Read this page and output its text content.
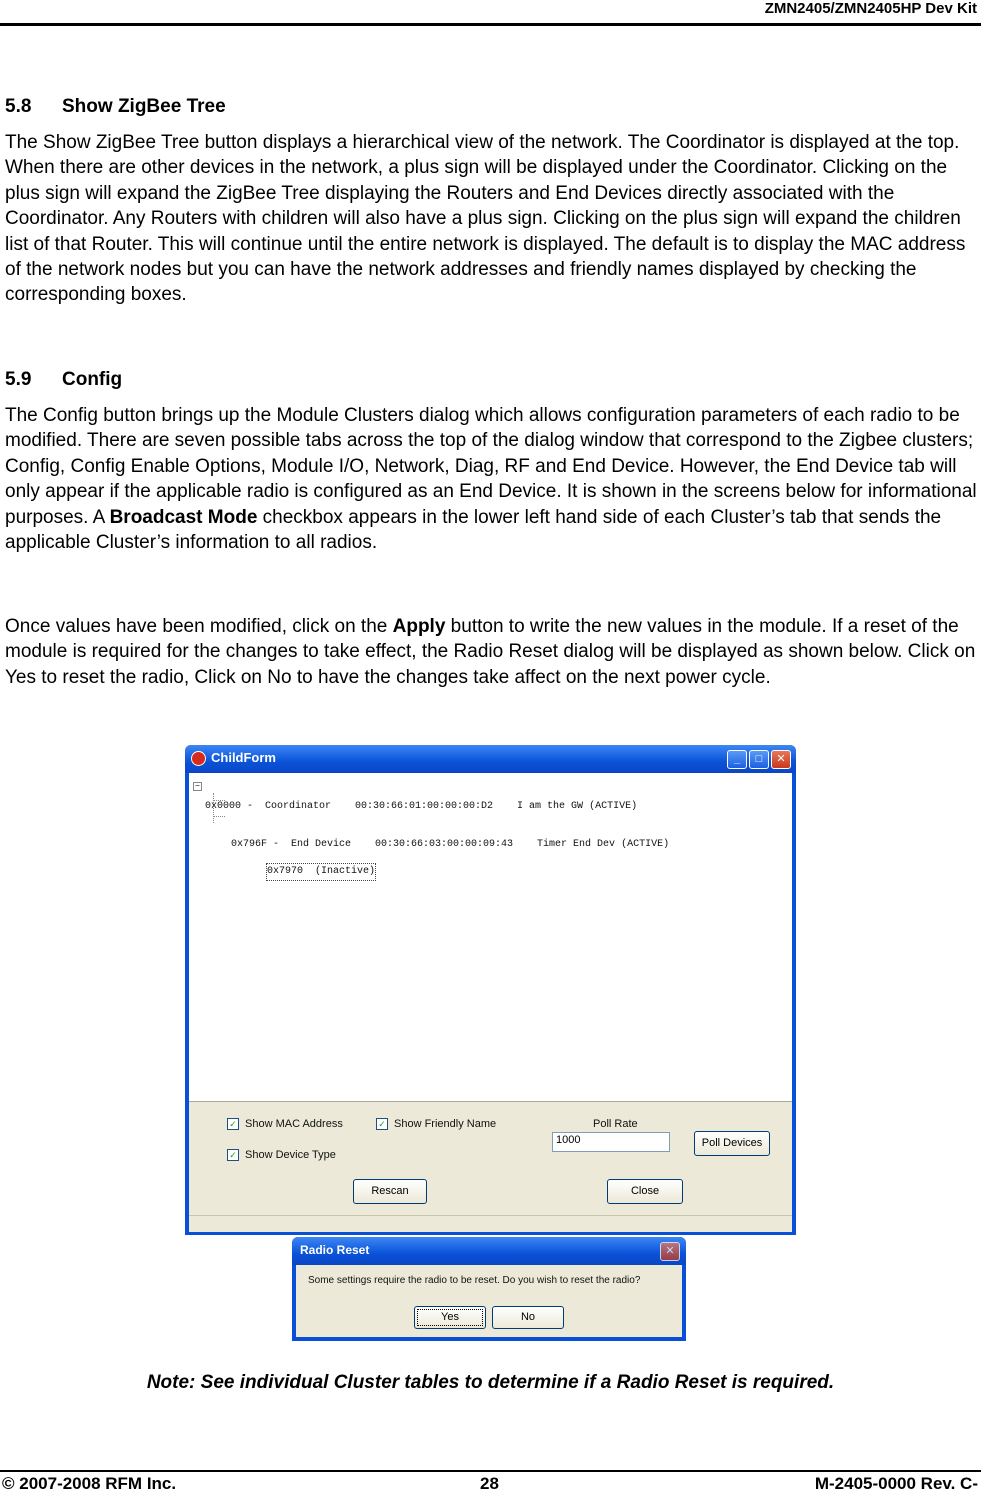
ZMN2405/ZMN2405HP Dev Kit
5.8 Show ZigBee Tree
The Show ZigBee Tree button displays a hierarchical view of the network. The Coordinator is displayed at the top. When there are other devices in the network, a plus sign will be displayed under the Coordinator. Clicking on the plus sign will expand the ZigBee Tree displaying the Routers and End Devices directly associated with the Coordinator. Any Routers with children will also have a plus sign. Clicking on the plus sign will expand the children list of that Router. This will continue until the entire network is displayed. The default is to display the MAC address of the network nodes but you can have the network addresses and friendly names displayed by checking the corresponding boxes.
5.9 Config
The Config button brings up the Module Clusters dialog which allows configuration parameters of each radio to be modified. There are seven possible tabs across the top of the dialog window that correspond to the Zigbee clusters; Config, Config Enable Options, Module I/O, Network, Diag, RF and End Device. However, the End Device tab will only appear if the applicable radio is configured as an End Device. It is shown in the screens below for informational purposes. A Broadcast Mode checkbox appears in the lower left hand side of each Cluster’s tab that sends the applicable Cluster’s information to all radios.
Once values have been modified, click on the Apply button to write the new values in the module. If a reset of the module is required for the changes to take effect, the Radio Reset dialog will be displayed as shown below. Click on Yes to reset the radio, Click on No to have the changes take affect on the next power cycle.
ChildForm	_	□	✕
−

0x0000 -  Coordinator    00:30:66:01:00:00:00:D2    I am the GW (ACTIVE)

0x796F -  End Device    00:30:66:03:00:00:09:43    Timer End Dev (ACTIVE)

0x7970  (Inactive)

✓ Show MAC Address	✓ Show Friendly Name
✓ Show Device Type
Poll Rate
1000	Poll Devices
Rescan	Close
Radio Reset	✕
Some settings require the radio to be reset. Do you wish to reset the radio?
Yes	No
Note: See individual Cluster tables to determine if a Radio Reset is required.
© 2007-2008 RFM Inc.	28	M-2405-0000 Rev. C-
